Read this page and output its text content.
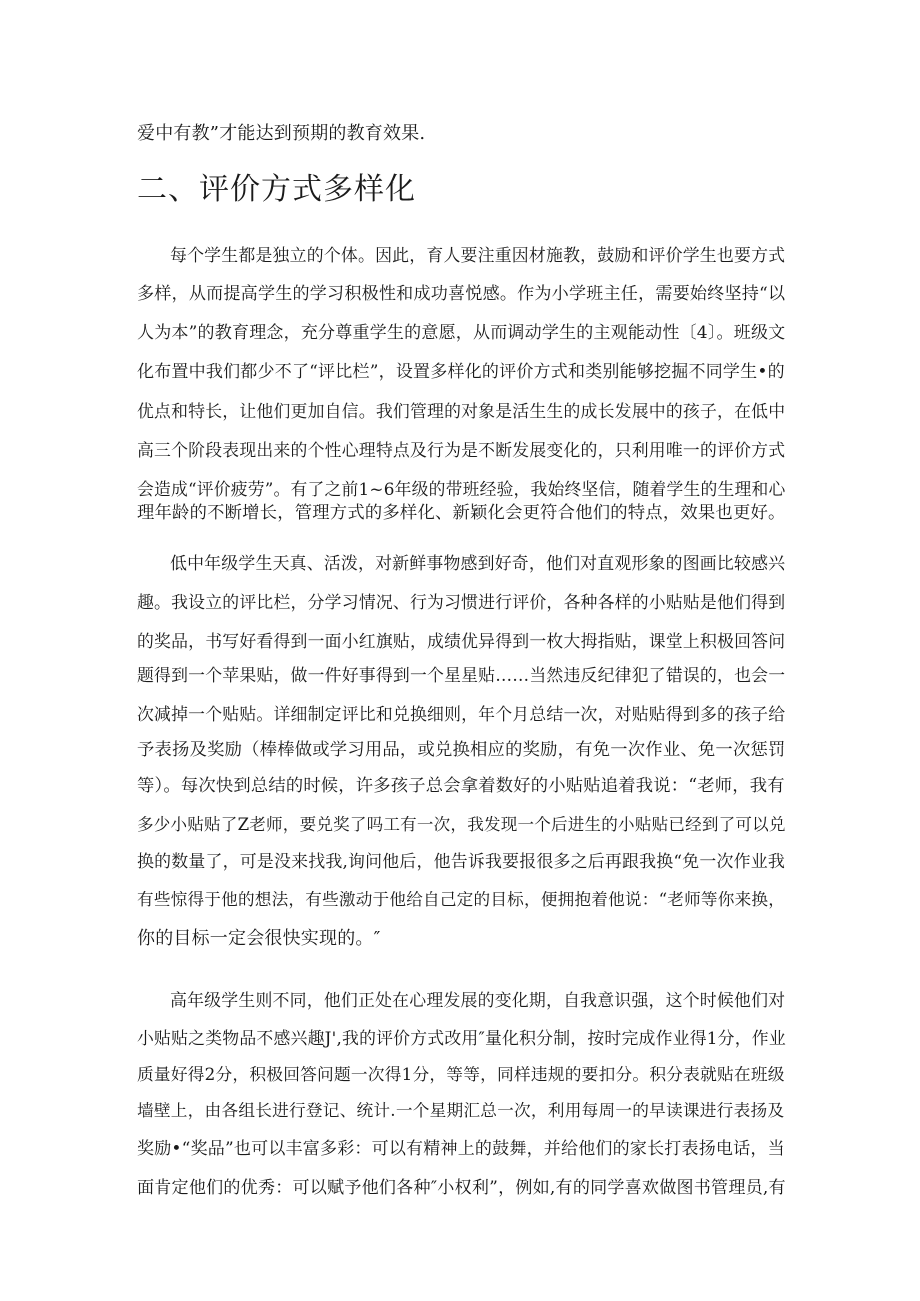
爱中有教”才能达到预期的教育效果.
二、评价方式多样化
每个学生都是独立的个体。因此，育人要注重因材施教，鼓励和评价学生也要方式
多样，从而提高学生的学习积极性和成功喜悦感。作为小学班主任，需要始终坚持“以
人为本”的教育理念，充分尊重学生的意愿，从而调动学生的主观能动性〔4〕。班级文
化布置中我们都少不了“评比栏”，设置多样化的评价方式和类别能够挖掘不同学生•的
优点和特长，让他们更加自信。我们管理的对象是活生生的成长发展中的孩子，在低中
高三个阶段表现出来的个性心理特点及行为是不断发展变化的，只利用唯一的评价方式
会造成“评价疲劳”。有了之前1~6年级的带班经验，我始终坚信，随着学生的生理和心
理年龄的不断增长，管理方式的多样化、新颖化会更符合他们的特点，效果也更好。
低中年级学生天真、活泼，对新鲜事物感到好奇，他们对直观形象的图画比较感兴
趣。我设立的评比栏，分学习情况、行为习惯进行评价，各种各样的小贴贴是他们得到
的奖品，书写好看得到一面小红旗贴，成绩优异得到一枚大拇指贴，课堂上积极回答问
题得到一个苹果贴，做一件好事得到一个星星贴……当然违反纪律犯了错误的，也会一
次减掉一个贴贴。详细制定评比和兑换细则，年个月总结一次，对贴贴得到多的孩子给
予表扬及奖励（棒棒做或学习用品，或兑换相应的奖励，有免一次作业、免一次惩罚
等）。每次快到总结的时候，许多孩子总会拿着数好的小贴贴追着我说：“老师，我有
多少小贴贴了Z老师，要兑奖了吗工有一次，我发现一个后进生的小贴贴已经到了可以兑
换的数量了，可是没来找我,询问他后，他告诉我要报很多之后再跟我换“免一次作业我
有些惊得于他的想法，有些激动于他给自己定的目标，便拥抱着他说：“老师等你来换，
你的目标一定会很快实现的。″
高年级学生则不同，他们正处在心理发展的变化期，自我意识强，这个时候他们对
小贴贴之类物品不感兴趣J',我的评价方式改用″量化积分制，按时完成作业得1分，作业
质量好得2分，积极回答问题一次得1分，等等，同样违规的要扣分。积分表就贴在班级
墙壁上，由各组长进行登记、统计.一个星期汇总一次，利用每周一的早读课进行表扬及
奖励•“奖品”也可以丰富多彩：可以有精神上的鼓舞，并给他们的家长打表扬电话，当
面肯定他们的优秀：可以赋予他们各种″小权利”，例如,有的同学喜欢做图书管理员,有
